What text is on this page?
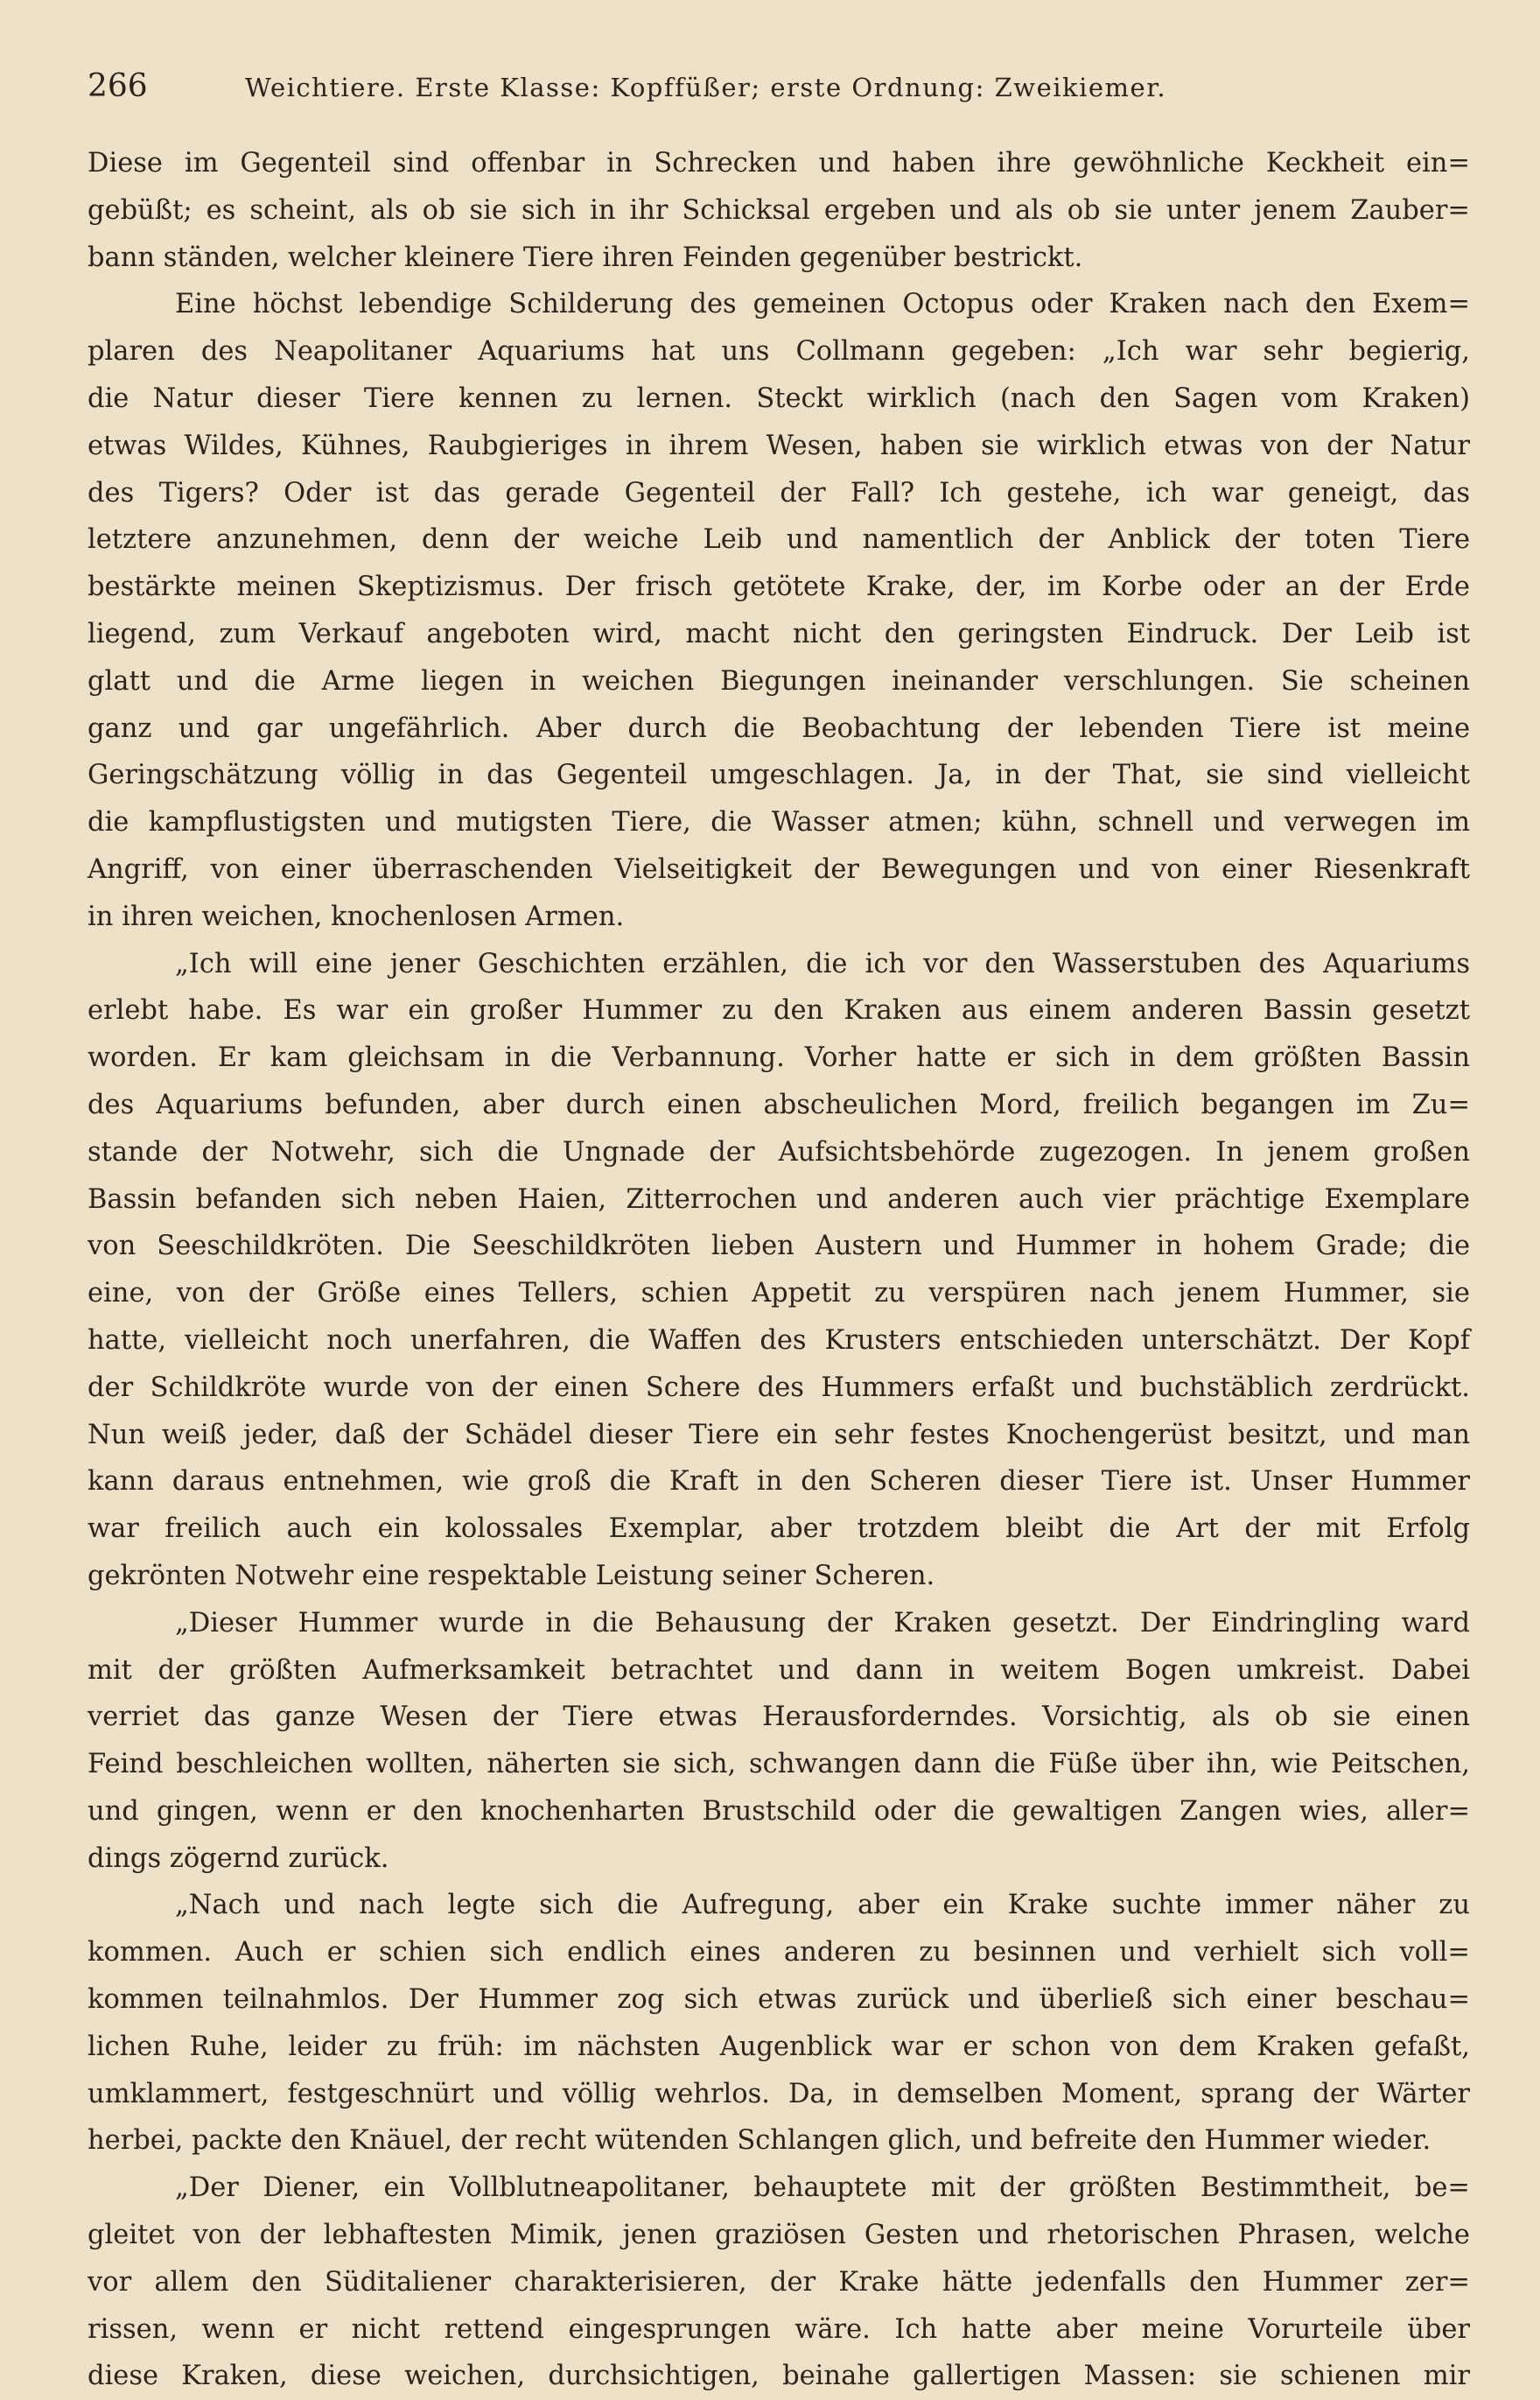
266	Weichtiere. Erste Klasse: Kopffüßer; erste Ordnung: Zweikiemer.
Diese im Gegenteil sind offenbar in Schrecken und haben ihre gewöhnliche Keckheit ein=
gebüßt; es scheint, als ob sie sich in ihr Schicksal ergeben und als ob sie unter jenem Zauber=
bann ständen, welcher kleinere Tiere ihren Feinden gegenüber bestrickt.
Eine höchst lebendige Schilderung des gemeinen Octopus oder Kraken nach den Exem=
plaren des Neapolitaner Aquariums hat uns Collmann gegeben: „Ich war sehr begierig,
die Natur dieser Tiere kennen zu lernen. Steckt wirklich (nach den Sagen vom Kraken)
etwas Wildes, Kühnes, Raubgieriges in ihrem Wesen, haben sie wirklich etwas von der Natur
des Tigers? Oder ist das gerade Gegenteil der Fall? Ich gestehe, ich war geneigt, das
letztere anzunehmen, denn der weiche Leib und namentlich der Anblick der toten Tiere
bestärkte meinen Skeptizismus. Der frisch getötete Krake, der, im Korbe oder an der Erde
liegend, zum Verkauf angeboten wird, macht nicht den geringsten Eindruck. Der Leib ist
glatt und die Arme liegen in weichen Biegungen ineinander verschlungen. Sie scheinen
ganz und gar ungefährlich. Aber durch die Beobachtung der lebenden Tiere ist meine
Geringschätzung völlig in das Gegenteil umgeschlagen. Ja, in der That, sie sind vielleicht
die kampflustigsten und mutigsten Tiere, die Wasser atmen; kühn, schnell und verwegen im
Angriff, von einer überraschenden Vielseitigkeit der Bewegungen und von einer Riesenkraft
in ihren weichen, knochenlosen Armen.
„Ich will eine jener Geschichten erzählen, die ich vor den Wasserstuben des Aquariums
erlebt habe. Es war ein großer Hummer zu den Kraken aus einem anderen Bassin gesetzt
worden. Er kam gleichsam in die Verbannung. Vorher hatte er sich in dem größten Bassin
des Aquariums befunden, aber durch einen abscheulichen Mord, freilich begangen im Zu=
stande der Notwehr, sich die Ungnade der Aufsichtsbehörde zugezogen. In jenem großen
Bassin befanden sich neben Haien, Zitterrochen und anderen auch vier prächtige Exemplare
von Seeschildkröten. Die Seeschildkröten lieben Austern und Hummer in hohem Grade; die
eine, von der Größe eines Tellers, schien Appetit zu verspüren nach jenem Hummer, sie
hatte, vielleicht noch unerfahren, die Waffen des Krusters entschieden unterschätzt. Der Kopf
der Schildkröte wurde von der einen Schere des Hummers erfaßt und buchstäblich zerdrückt.
Nun weiß jeder, daß der Schädel dieser Tiere ein sehr festes Knochengerüst besitzt, und man
kann daraus entnehmen, wie groß die Kraft in den Scheren dieser Tiere ist. Unser Hummer
war freilich auch ein kolossales Exemplar, aber trotzdem bleibt die Art der mit Erfolg
gekrönten Notwehr eine respektable Leistung seiner Scheren.
„Dieser Hummer wurde in die Behausung der Kraken gesetzt. Der Eindringling ward
mit der größten Aufmerksamkeit betrachtet und dann in weitem Bogen umkreist. Dabei
verriet das ganze Wesen der Tiere etwas Herausforderndes. Vorsichtig, als ob sie einen
Feind beschleichen wollten, näherten sie sich, schwangen dann die Füße über ihn, wie Peitschen,
und gingen, wenn er den knochenharten Brustschild oder die gewaltigen Zangen wies, aller=
dings zögernd zurück.
„Nach und nach legte sich die Aufregung, aber ein Krake suchte immer näher zu
kommen. Auch er schien sich endlich eines anderen zu besinnen und verhielt sich voll=
kommen teilnahmlos. Der Hummer zog sich etwas zurück und überließ sich einer beschau=
lichen Ruhe, leider zu früh: im nächsten Augenblick war er schon von dem Kraken gefaßt,
umklammert, festgeschnürt und völlig wehrlos. Da, in demselben Moment, sprang der Wärter
herbei, packte den Knäuel, der recht wütenden Schlangen glich, und befreite den Hummer wieder.
„Der Diener, ein Vollblutneapolitaner, behauptete mit der größten Bestimmtheit, be=
gleitet von der lebhaftesten Mimik, jenen graziösen Gesten und rhetorischen Phrasen, welche
vor allem den Süditaliener charakterisieren, der Krake hätte jedenfalls den Hummer zer=
rissen, wenn er nicht rettend eingesprungen wäre. Ich hatte aber meine Vorurteile über
diese Kraken, diese weichen, durchsichtigen, beinahe gallertigen Massen: sie schienen mir
